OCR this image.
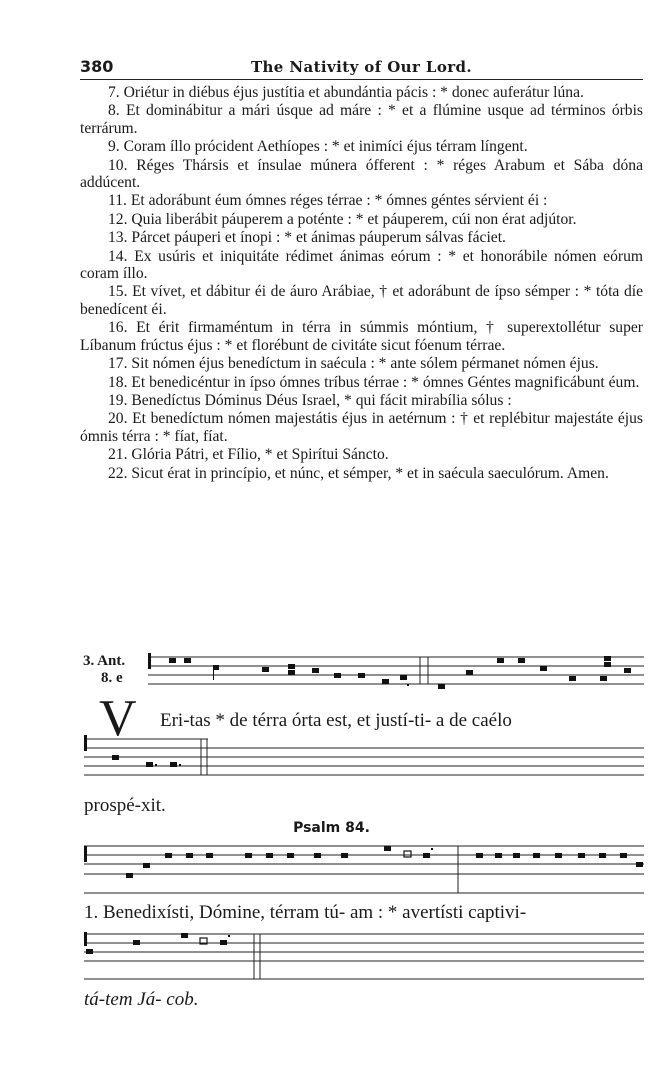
380	The Nativity of Our Lord.

7. Oriétur in diébus éjus justítia et abundántia pácis : * donec auferátur lúna.

8. Et dominábitur a mári úsque ad máre : * et a flúmine usque ad términos órbis terrárum.

9. Coram íllo prócident Aethíopes : * et inimíci éjus térram língent.

10. Réges Thársis et ínsulae múnera ófferent : * réges Arabum et Sába dóna addúcent.

11. Et adorábunt éum ómnes réges térrae : * ómnes géntes sérvient éi :

12. Quia liberábit páuperem a poténte : * et páuperem, cúi non érat adjútor.

13. Párcet páuperi et ínopi : * et ánimas páuperum sálvas fáciet.

14. Ex usúris et iniquitáte rédimet ánimas eórum : * et honorábile nómen eórum coram íllo.

15. Et vívet, et dábitur éi de áuro Arábiae, † et adorábunt de ípso sémper : * tóta díe benedícent éi.

16. Et érit firmaméntum in térra in súmmis móntium, † superextollétur super Líbanum frúctus éjus : * et florébunt de civitáte sicut fóenum térrae.

17. Sit nómen éjus benedíctum in saécula : * ante sólem pérmanet nómen éjus.

18. Et benedicéntur in ípso ómnes tríbus térrae : * ómnes Géntes magnificábunt éum.

19. Benedíctus Dóminus Déus Israel, * qui fácit mirabília sólus :

20. Et benedíctum nómen majestátis éjus in aetérnum : † et replébitur majestáte éjus ómnis térra : * fíat, fíat.

21. Glória Pátri, et Fílio, * et Spirítui Sáncto.

22. Sicut érat in princípio, et núnc, et sémper, * et in saécula saeculórum. Amen.

3. Ant.
8. e
V Eri-tas * de térra órta est, et justí-ti- a de caélo
prospé-xit.
Psalm 84.
1. Benedixísti, Dómine, térram tú- am : * avertísti captivi-
tá-tem Já- cob.
